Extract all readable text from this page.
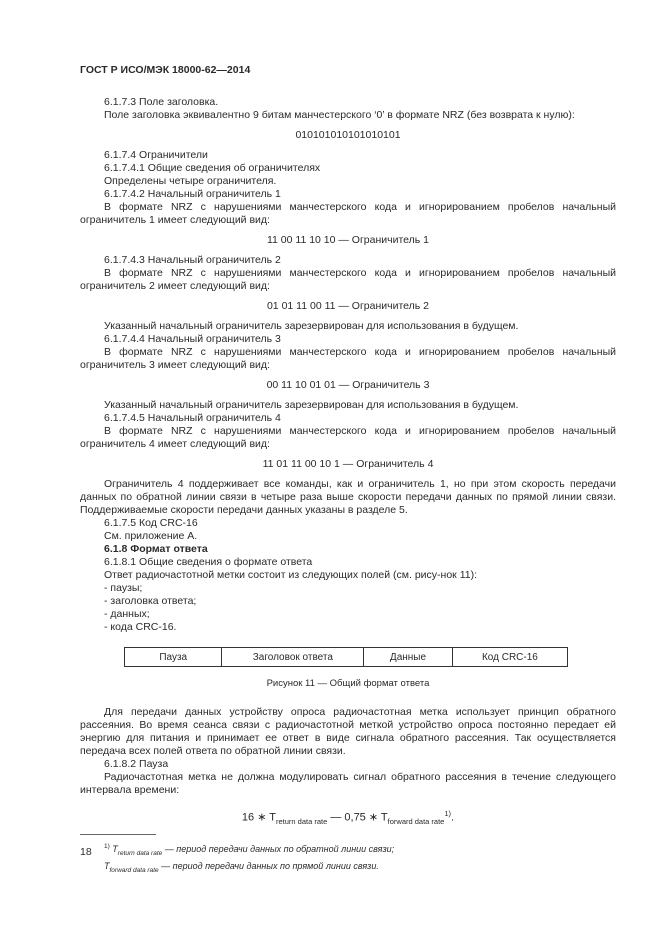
ГОСТ Р ИСО/МЭК 18000-62—2014

6.1.7.3 Поле заголовка.

Поле заголовка эквивалентно 9 битам манчестерского ‘0’ в формате NRZ (без возврата к нулю):

010101010101010101

6.1.7.4 Ограничители

6.1.7.4.1 Общие сведения об ограничителях

Определены четыре ограничителя.

6.1.7.4.2 Начальный ограничитель 1

В формате NRZ с нарушениями манчестерского кода и игнорированием пробелов начальный ограничитель 1 имеет следующий вид:

11 00 11 10 10 — Ограничитель 1

6.1.7.4.3 Начальный ограничитель 2

В формате NRZ с нарушениями манчестерского кода и игнорированием пробелов начальный ограничитель 2 имеет следующий вид:

01 01 11 00 11 — Ограничитель 2

Указанный начальный ограничитель зарезервирован для использования в будущем.

6.1.7.4.4 Начальный ограничитель 3

В формате NRZ с нарушениями манчестерского кода и игнорированием пробелов начальный ограничитель 3 имеет следующий вид:

00 11 10 01 01 — Ограничитель 3

Указанный начальный ограничитель зарезервирован для использования в будущем.

6.1.7.4.5 Начальный ограничитель 4

В формате NRZ с нарушениями манчестерского кода и игнорированием пробелов начальный ограничитель 4 имеет следующий вид:

11 01 11 00 10 1 — Ограничитель 4

Ограничитель 4 поддерживает все команды, как и ограничитель 1, но при этом скорость передачи данных по обратной линии связи в четыре раза выше скорости передачи данных по прямой линии связи. Поддерживаемые скорости передачи данных указаны в разделе 5.

6.1.7.5 Код CRC-16

См. приложение А.

6.1.8 Формат ответа

6.1.8.1 Общие сведения о формате ответа

Ответ радиочастотной метки состоит из следующих полей (см. рису-нок 11):

- паузы;
- заголовка ответа;
- данных;
- кода CRC-16.
Пауза	Заголовок ответа	Данные	Код CRC-16

Рисунок 11 — Общий формат ответа

Для передачи данных устройству опроса радиочастотная метка использует принцип обратного рассеяния. Во время сеанса связи с радиочастотной меткой устройство опроса постоянно передает ей энергию для питания и принимает ее ответ в виде сигнала обратного рассеяния. Так осуществляется передача всех полей ответа по обратной линии связи.

6.1.8.2 Пауза

Радиочастотная метка не должна модулировать сигнал обратного рассеяния в течение следующего интервала времени:

16 ∗ $T_{return data rate}$ — 0,75 ∗ $T_{forward data rate}^{1)}$.

$^{1)}$ $T_{return data rate}$ — период передачи данных по обратной линии связи;

$T_{forward data rate}$ — период передачи данных по прямой линии связи.

18
